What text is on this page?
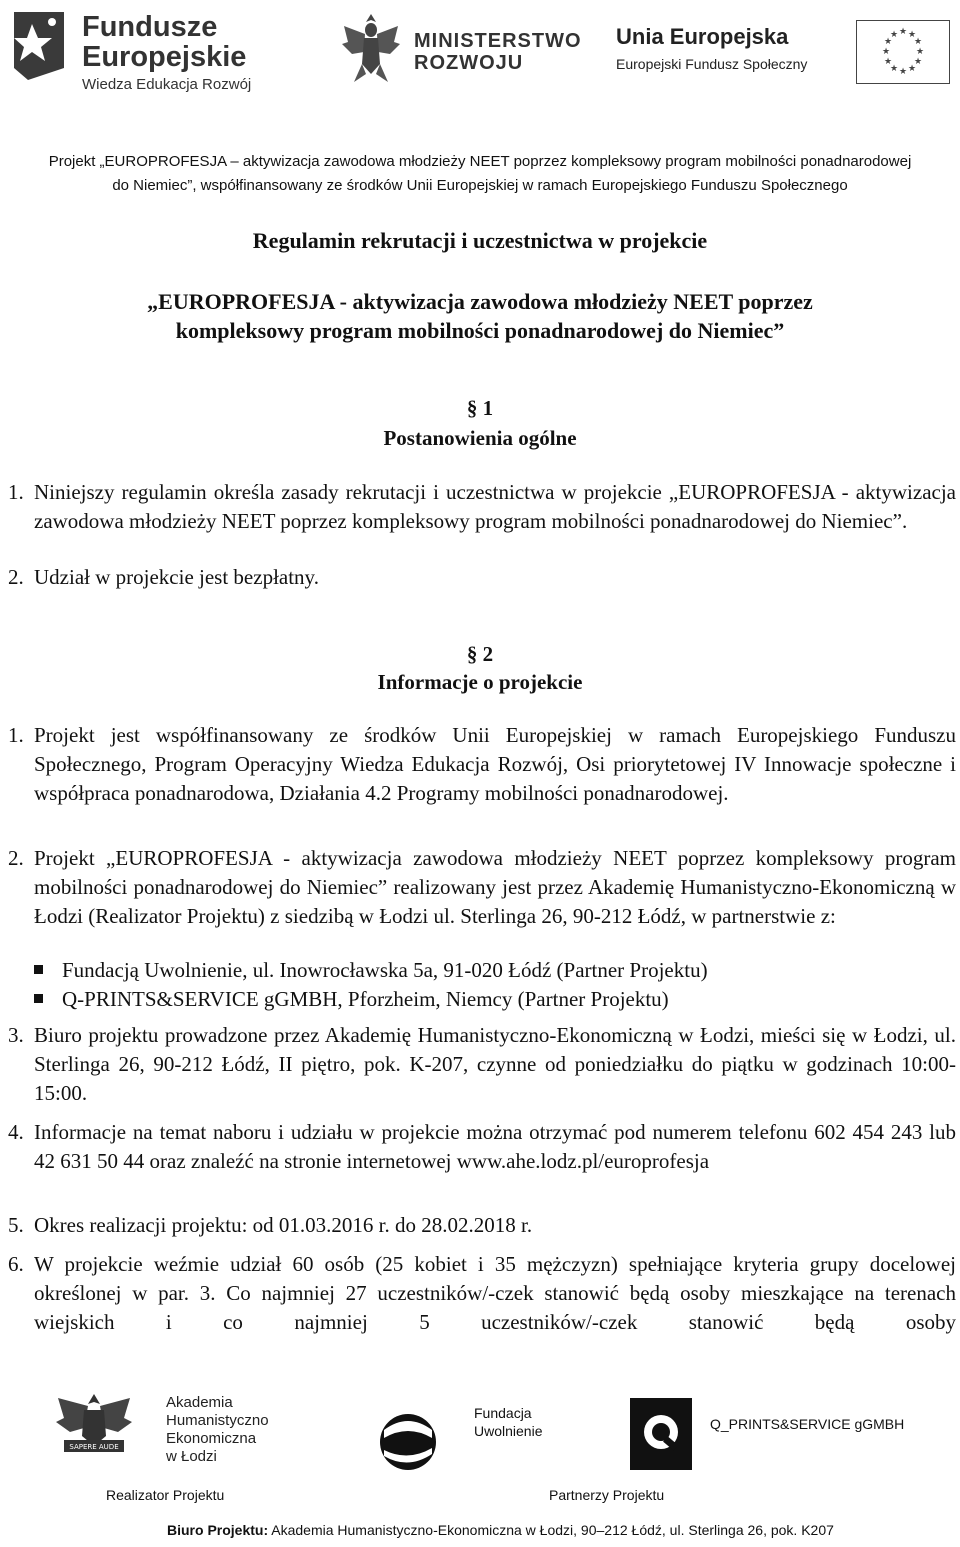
Fundusze
Europejskie
Wiedza Edukacja Rozwój
MINISTERSTWO
ROZWOJU
Unia Europejska
Europejski Fundusz Społeczny
★ ★
★
★
★
★
★
★
★
★
★
★
Projekt „EUROPROFESJA – aktywizacja zawodowa młodzieży NEET poprzez kompleksowy program mobilności ponadnarodowej
do Niemiec”, współfinansowany ze środków Unii Europejskiej w ramach Europejskiego Funduszu Społecznego
Regulamin rekrutacji i uczestnictwa w projekcie
„EUROPROFESJA - aktywizacja zawodowa młodzieży NEET poprzez
kompleksowy program mobilności ponadnarodowej do Niemiec”
§ 1
Postanowienia ogólne
1. Niniejszy regulamin określa zasady rekrutacji i uczestnictwa w projekcie „EUROPROFESJA - aktywizacja zawodowa młodzieży NEET poprzez kompleksowy program mobilności ponadnarodowej do Niemiec”.
2. Udział w projekcie jest bezpłatny.
§ 2
Informacje o projekcie
1. Projekt jest współfinansowany ze środków Unii Europejskiej w ramach Europejskiego Funduszu Społecznego, Program Operacyjny Wiedza Edukacja Rozwój, Osi priorytetowej IV Innowacje społeczne i współpraca ponadnarodowa, Działania 4.2 Programy mobilności ponadnarodowej.
2. Projekt „EUROPROFESJA - aktywizacja zawodowa młodzieży NEET poprzez kompleksowy program mobilności ponadnarodowej do Niemiec” realizowany jest przez Akademię Humanistyczno-Ekonomiczną w Łodzi (Realizator Projektu) z siedzibą w Łodzi ul. Sterlinga 26, 90-212 Łódź, w partnerstwie z:
Fundacją Uwolnienie, ul. Inowrocławska 5a, 91-020 Łódź (Partner Projektu)
Q-PRINTS&SERVICE gGMBH, Pforzheim, Niemcy (Partner Projektu)
3. Biuro projektu prowadzone przez Akademię Humanistyczno-Ekonomiczną w Łodzi, mieści się w Łodzi, ul. Sterlinga 26, 90-212 Łódź, II piętro, pok. K-207, czynne od poniedziałku do piątku w godzinach 10:00-15:00.
4. Informacje na temat naboru i udziału w projekcie można otrzymać pod numerem telefonu 602 454 243 lub 42 631 50 44 oraz znaleźć na stronie internetowej www.ahe.lodz.pl/europrofesja
5. Okres realizacji projektu: od 01.03.2016 r. do 28.02.2018 r.
6. W projekcie weźmie udział 60 osób (25 kobiet i 35 mężczyzn) spełniające kryteria grupy docelowej określonej w par. 3. Co najmniej 27 uczestników/-czek stanowić będą osoby mieszkające na terenach wiejskich i co najmniej 5 uczestników/-czek stanowić będą osoby
SAPERE AUDE
Akademia
Humanistyczno
Ekonomiczna
w Łodzi
Fundacja
Uwolnienie	Q_PRINTS&SERVICE gGMBH
Realizator Projektu	Partnerzy Projektu
Biuro Projektu: Akademia Humanistyczno-Ekonomiczna w Łodzi, 90–212 Łódź, ul. Sterlinga 26, pok. K207
